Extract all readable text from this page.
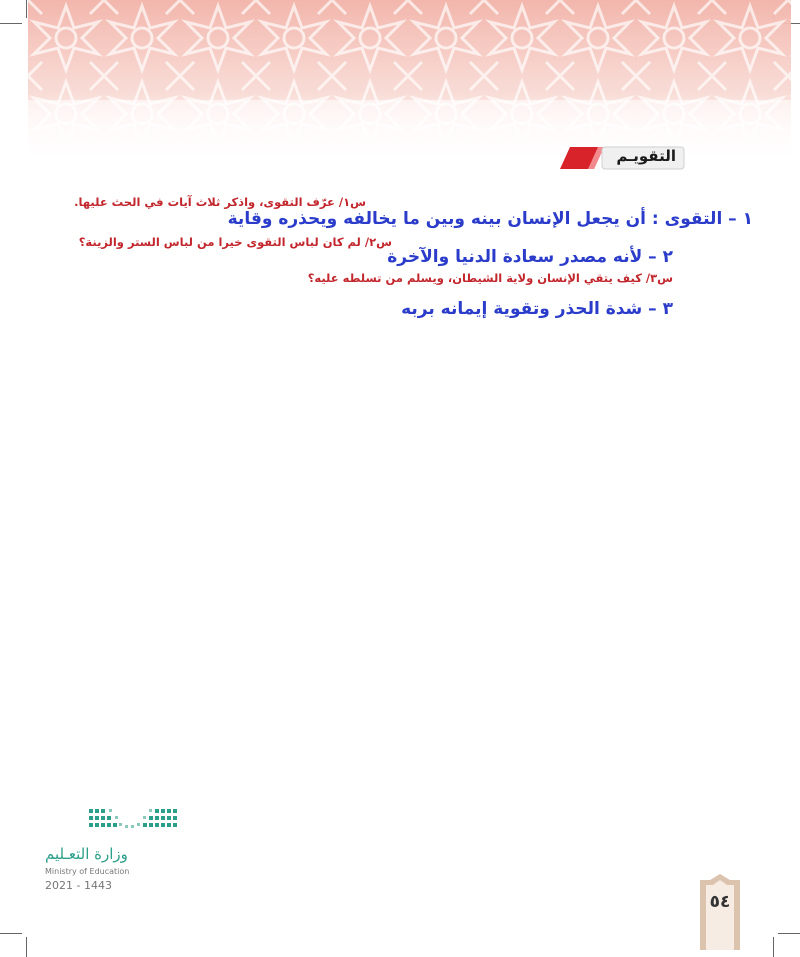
التقويـم
س١/ عرّف التقوى، واذكر ثلاث آيات في الحث عليها.
١ – التقوى : أن يجعل الإنسان بينه وبين ما يخالفه ويحذره وقاية
س٢/ لم كان لباس التقوى خيرا من لباس الستر والزينة؟
٢ – لأنه مصدر سعادة الدنيا والآخرة
س٣/ كيف يتقي الإنسان ولاية الشيطان، ويسلم من تسلطه عليه؟
٣ – شدة الحذر وتقوية إيمانه بربه
وزارة التعـليم
Ministry of Education
2021 - 1443
٥٤
